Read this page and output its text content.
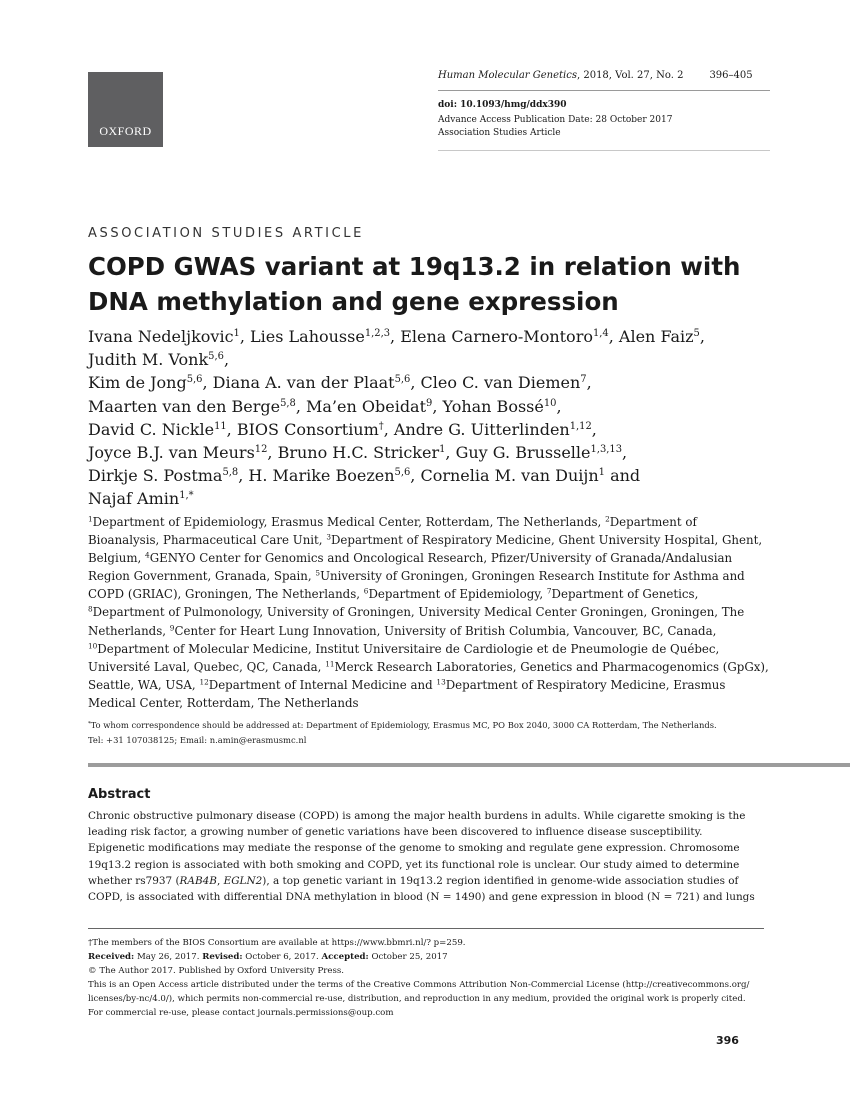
OXFORD
Human Molecular Genetics, 2018, Vol. 27, No. 2	396–405
doi: 10.1093/hmg/ddx390
Advance Access Publication Date: 28 October 2017
Association Studies Article
ASSOCIATION STUDIES ARTICLE
COPD GWAS variant at 19q13.2 in relation with DNA methylation and gene expression
Ivana Nedeljkovic$^1$, Lies Lahousse$^{1,2,3}$, Elena Carnero-Montoro$^{1,4}$, Alen Faiz$^5$, Judith M. Vonk$^{5,6}$,
Kim de Jong$^{5,6}$, Diana A. van der Plaat$^{5,6}$, Cleo C. van Diemen$^7$,
Maarten van den Berge$^{5,8}$, Ma’en Obeidat$^9$, Yohan Bossé$^{10}$,
David C. Nickle$^{11}$, BIOS Consortium†, Andre G. Uitterlinden$^{1,12}$,
Joyce B.J. van Meurs$^{12}$, Bruno H.C. Stricker$^1$, Guy G. Brusselle$^{1,3,13}$,
Dirkje S. Postma$^{5,8}$, H. Marike Boezen$^{5,6}$, Cornelia M. van Duijn$^1$ and
Najaf Amin$^{1,*}$
$^1$Department of Epidemiology, Erasmus Medical Center, Rotterdam, The Netherlands, $^2$Department of
Bioanalysis, Pharmaceutical Care Unit, $^3$Department of Respiratory Medicine, Ghent University Hospital, Ghent,
Belgium, $^4$GENYO Center for Genomics and Oncological Research, Pfizer/University of Granada/Andalusian
Region Government, Granada, Spain, $^5$University of Groningen, Groningen Research Institute for Asthma and
COPD (GRIAC), Groningen, The Netherlands, $^6$Department of Epidemiology, $^7$Department of Genetics,
$^8$Department of Pulmonology, University of Groningen, University Medical Center Groningen, Groningen, The
Netherlands, $^9$Center for Heart Lung Innovation, University of British Columbia, Vancouver, BC, Canada,
$^{10}$Department of Molecular Medicine, Institut Universitaire de Cardiologie et de Pneumologie de Québec,
Université Laval, Quebec, QC, Canada, $^{11}$Merck Research Laboratories, Genetics and Pharmacogenomics (GpGx),
Seattle, WA, USA, $^{12}$Department of Internal Medicine and $^{13}$Department of Respiratory Medicine, Erasmus
Medical Center, Rotterdam, The Netherlands
*To whom correspondence should be addressed at: Department of Epidemiology, Erasmus MC, PO Box 2040, 3000 CA Rotterdam, The Netherlands.
Tel: +31 107038125; Email: n.amin@erasmusmc.nl
Abstract
Chronic obstructive pulmonary disease (COPD) is among the major health burdens in adults. While cigarette smoking is the
leading risk factor, a growing number of genetic variations have been discovered to influence disease susceptibility.
Epigenetic modifications may mediate the response of the genome to smoking and regulate gene expression. Chromosome
19q13.2 region is associated with both smoking and COPD, yet its functional role is unclear. Our study aimed to determine
whether rs7937 (RAB4B, EGLN2), a top genetic variant in 19q13.2 region identified in genome-wide association studies of
COPD, is associated with differential DNA methylation in blood (N = 1490) and gene expression in blood (N = 721) and lungs
†The members of the BIOS Consortium are available at https://www.bbmri.nl/? p=259.
Received: May 26, 2017. Revised: October 6, 2017. Accepted: October 25, 2017
© The Author 2017. Published by Oxford University Press.
This is an Open Access article distributed under the terms of the Creative Commons Attribution Non-Commercial License (http://creativecommons.org/
licenses/by-nc/4.0/), which permits non-commercial re-use, distribution, and reproduction in any medium, provided the original work is properly cited.
For commercial re-use, please contact journals.permissions@oup.com
396
